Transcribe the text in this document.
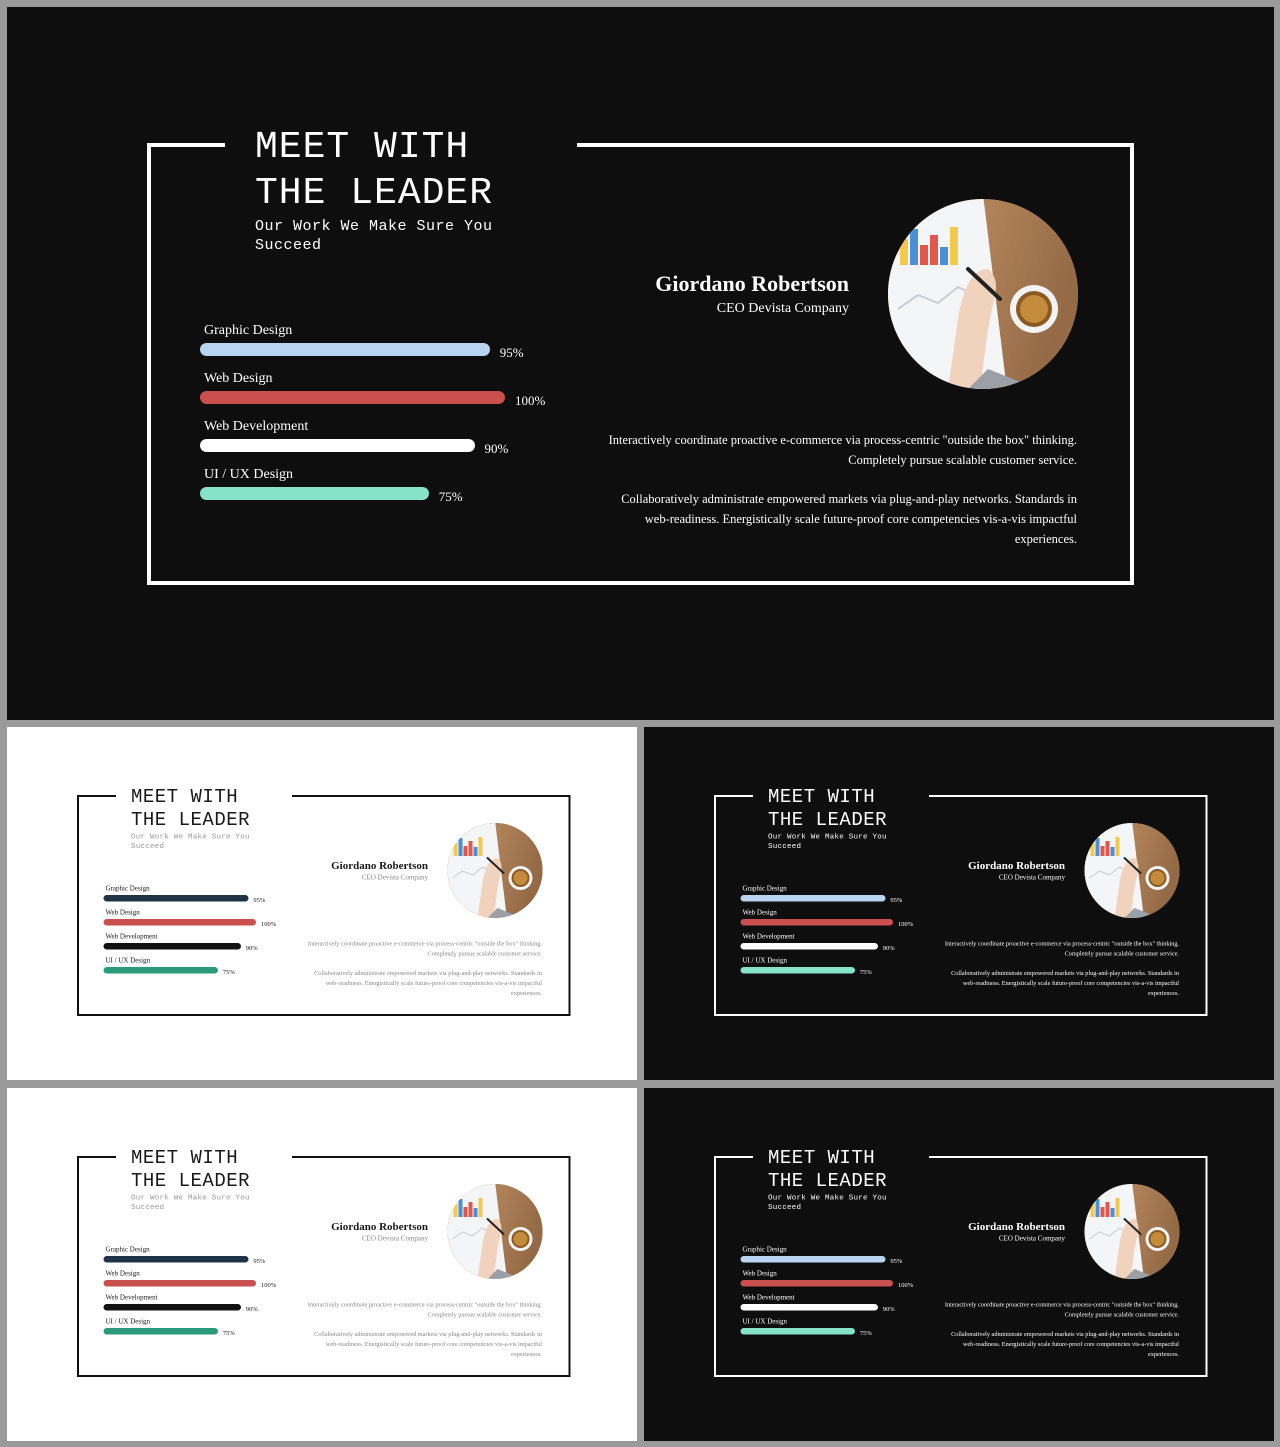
MEET WITH
THE LEADER
Our Work We Make Sure You Succeed
Graphic Design
95%
Web Design
100%
Web Development
90%
UI / UX Design
75%
Giordano Robertson
CEO Devista Company

Interactively coordinate proactive e-commerce via process-centric "outside the box" thinking. Completely pursue scalable customer service.

Collaboratively administrate empowered markets via plug-and-play networks. Standards in web-readiness. Energistically scale future-proof core competencies vis-a-vis impactful experiences.

MEET WITH
THE LEADER
Our Work We Make Sure You Succeed
Graphic Design
95%
Web Design
100%
Web Development
90%
UI / UX Design
75%
Giordano Robertson
CEO Devista Company

Interactively coordinate proactive e-commerce via process-centric "outside the box" thinking. Completely pursue scalable customer service.

Collaboratively administrate empowered markets via plug-and-play networks. Standards in web-readiness. Energistically scale future-proof core competencies vis-a-vis impactful experiences.

MEET WITH
THE LEADER
Our Work We Make Sure You Succeed
Graphic Design
95%
Web Design
100%
Web Development
90%
UI / UX Design
75%
Giordano Robertson
CEO Devista Company

Interactively coordinate proactive e-commerce via process-centric "outside the box" thinking. Completely pursue scalable customer service.

Collaboratively administrate empowered markets via plug-and-play networks. Standards in web-readiness. Energistically scale future-proof core competencies vis-a-vis impactful experiences.

MEET WITH
THE LEADER
Our Work We Make Sure You Succeed
Graphic Design
95%
Web Design
100%
Web Development
90%
UI / UX Design
75%
Giordano Robertson
CEO Devista Company

Interactively coordinate proactive e-commerce via process-centric "outside the box" thinking. Completely pursue scalable customer service.

Collaboratively administrate empowered markets via plug-and-play networks. Standards in web-readiness. Energistically scale future-proof core competencies vis-a-vis impactful experiences.

MEET WITH
THE LEADER
Our Work We Make Sure You Succeed
Graphic Design
95%
Web Design
100%
Web Development
90%
UI / UX Design
75%
Giordano Robertson
CEO Devista Company

Interactively coordinate proactive e-commerce via process-centric "outside the box" thinking. Completely pursue scalable customer service.

Collaboratively administrate empowered markets via plug-and-play networks. Standards in web-readiness. Energistically scale future-proof core competencies vis-a-vis impactful experiences.
